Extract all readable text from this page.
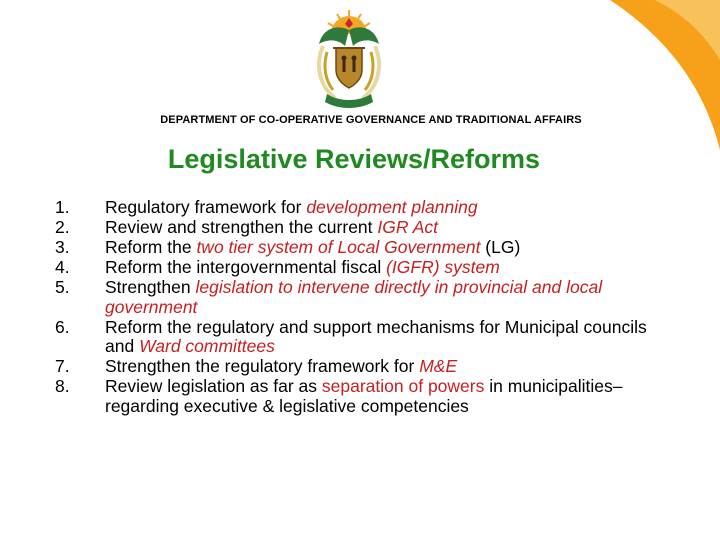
DEPARTMENT OF CO-OPERATIVE GOVERNANCE AND TRADITIONAL AFFAIRS
Legislative Reviews/Reforms
1.	Regulatory framework for development planning
2.	Review and strengthen the current IGR Act
3.	Reform the two tier system of Local Government (LG)
4.	Reform the intergovernmental fiscal (IGFR) system
5.	Strengthen legislation to intervene directly in provincial and local government
6.	Reform the regulatory and support mechanisms for Municipal councils and Ward committees
7.	Strengthen the regulatory framework for M&E
8.	Review legislation as far as separation of powers in municipalities– regarding executive & legislative competencies
